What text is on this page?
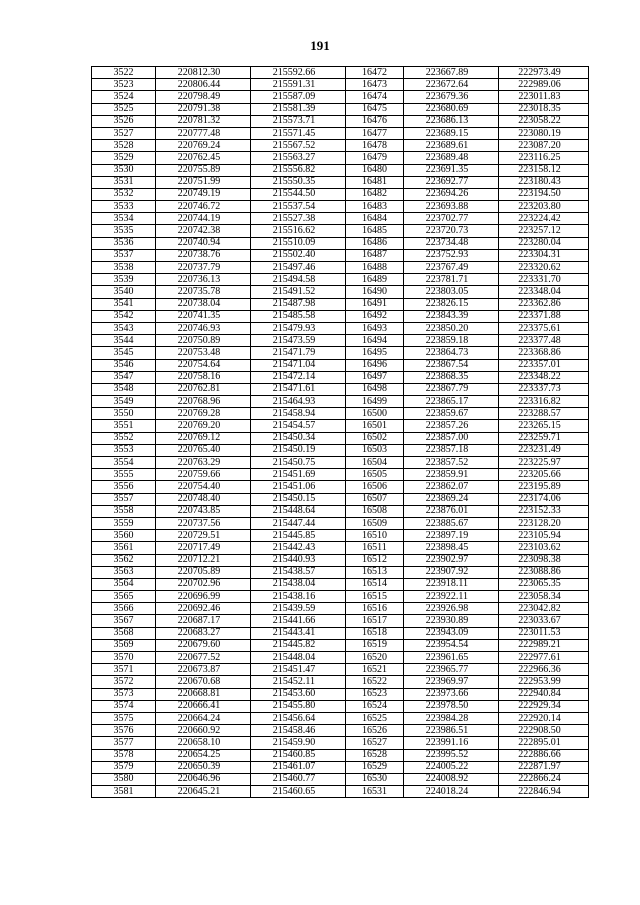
191
3522	220812.30	215592.66	16472	223667.89	222973.49
3523	220806.44	215591.31	16473	223672.64	222989.06
3524	220798.49	215587.09	16474	223679.36	223011.83
3525	220791.38	215581.39	16475	223680.69	223018.35
3526	220781.32	215573.71	16476	223686.13	223058.22
3527	220777.48	215571.45	16477	223689.15	223080.19
3528	220769.24	215567.52	16478	223689.61	223087.20
3529	220762.45	215563.27	16479	223689.48	223116.25
3530	220755.89	215556.82	16480	223691.35	223158.12
3531	220751.99	215550.35	16481	223692.77	223180.43
3532	220749.19	215544.50	16482	223694.26	223194.50
3533	220746.72	215537.54	16483	223693.88	223203.80
3534	220744.19	215527.38	16484	223702.77	223224.42
3535	220742.38	215516.62	16485	223720.73	223257.12
3536	220740.94	215510.09	16486	223734.48	223280.04
3537	220738.76	215502.40	16487	223752.93	223304.31
3538	220737.79	215497.46	16488	223767.49	223320.62
3539	220736.13	215494.58	16489	223781.71	223331.70
3540	220735.78	215491.52	16490	223803.05	223348.04
3541	220738.04	215487.98	16491	223826.15	223362.86
3542	220741.35	215485.58	16492	223843.39	223371.88
3543	220746.93	215479.93	16493	223850.20	223375.61
3544	220750.89	215473.59	16494	223859.18	223377.48
3545	220753.48	215471.79	16495	223864.73	223368.86
3546	220754.64	215471.04	16496	223867.54	223357.01
3547	220758.16	215472.14	16497	223868.35	223348.22
3548	220762.81	215471.61	16498	223867.79	223337.73
3549	220768.96	215464.93	16499	223865.17	223316.82
3550	220769.28	215458.94	16500	223859.67	223288.57
3551	220769.20	215454.57	16501	223857.26	223265.15
3552	220769.12	215450.34	16502	223857.00	223259.71
3553	220765.40	215450.19	16503	223857.18	223231.49
3554	220763.29	215450.75	16504	223857.52	223225.97
3555	220759.66	215451.69	16505	223859.91	223205.66
3556	220754.40	215451.06	16506	223862.07	223195.89
3557	220748.40	215450.15	16507	223869.24	223174.06
3558	220743.85	215448.64	16508	223876.01	223152.33
3559	220737.56	215447.44	16509	223885.67	223128.20
3560	220729.51	215445.85	16510	223897.19	223105.94
3561	220717.49	215442.43	16511	223898.45	223103.62
3562	220712.21	215440.93	16512	223902.97	223098.38
3563	220705.89	215438.57	16513	223907.92	223088.86
3564	220702.96	215438.04	16514	223918.11	223065.35
3565	220696.99	215438.16	16515	223922.11	223058.34
3566	220692.46	215439.59	16516	223926.98	223042.82
3567	220687.17	215441.66	16517	223930.89	223033.67
3568	220683.27	215443.41	16518	223943.09	223011.53
3569	220679.60	215445.82	16519	223954.54	222989.21
3570	220677.52	215448.04	16520	223961.65	222977.61
3571	220673.87	215451.47	16521	223965.77	222966.36
3572	220670.68	215452.11	16522	223969.97	222953.99
3573	220668.81	215453.60	16523	223973.66	222940.84
3574	220666.41	215455.80	16524	223978.50	222929.34
3575	220664.24	215456.64	16525	223984.28	222920.14
3576	220660.92	215458.46	16526	223986.51	222908.50
3577	220658.10	215459.90	16527	223991.16	222895.01
3578	220654.25	215460.85	16528	223995.52	222886.66
3579	220650.39	215461.07	16529	224005.22	222871.97
3580	220646.96	215460.77	16530	224008.92	222866.24
3581	220645.21	215460.65	16531	224018.24	222846.94
